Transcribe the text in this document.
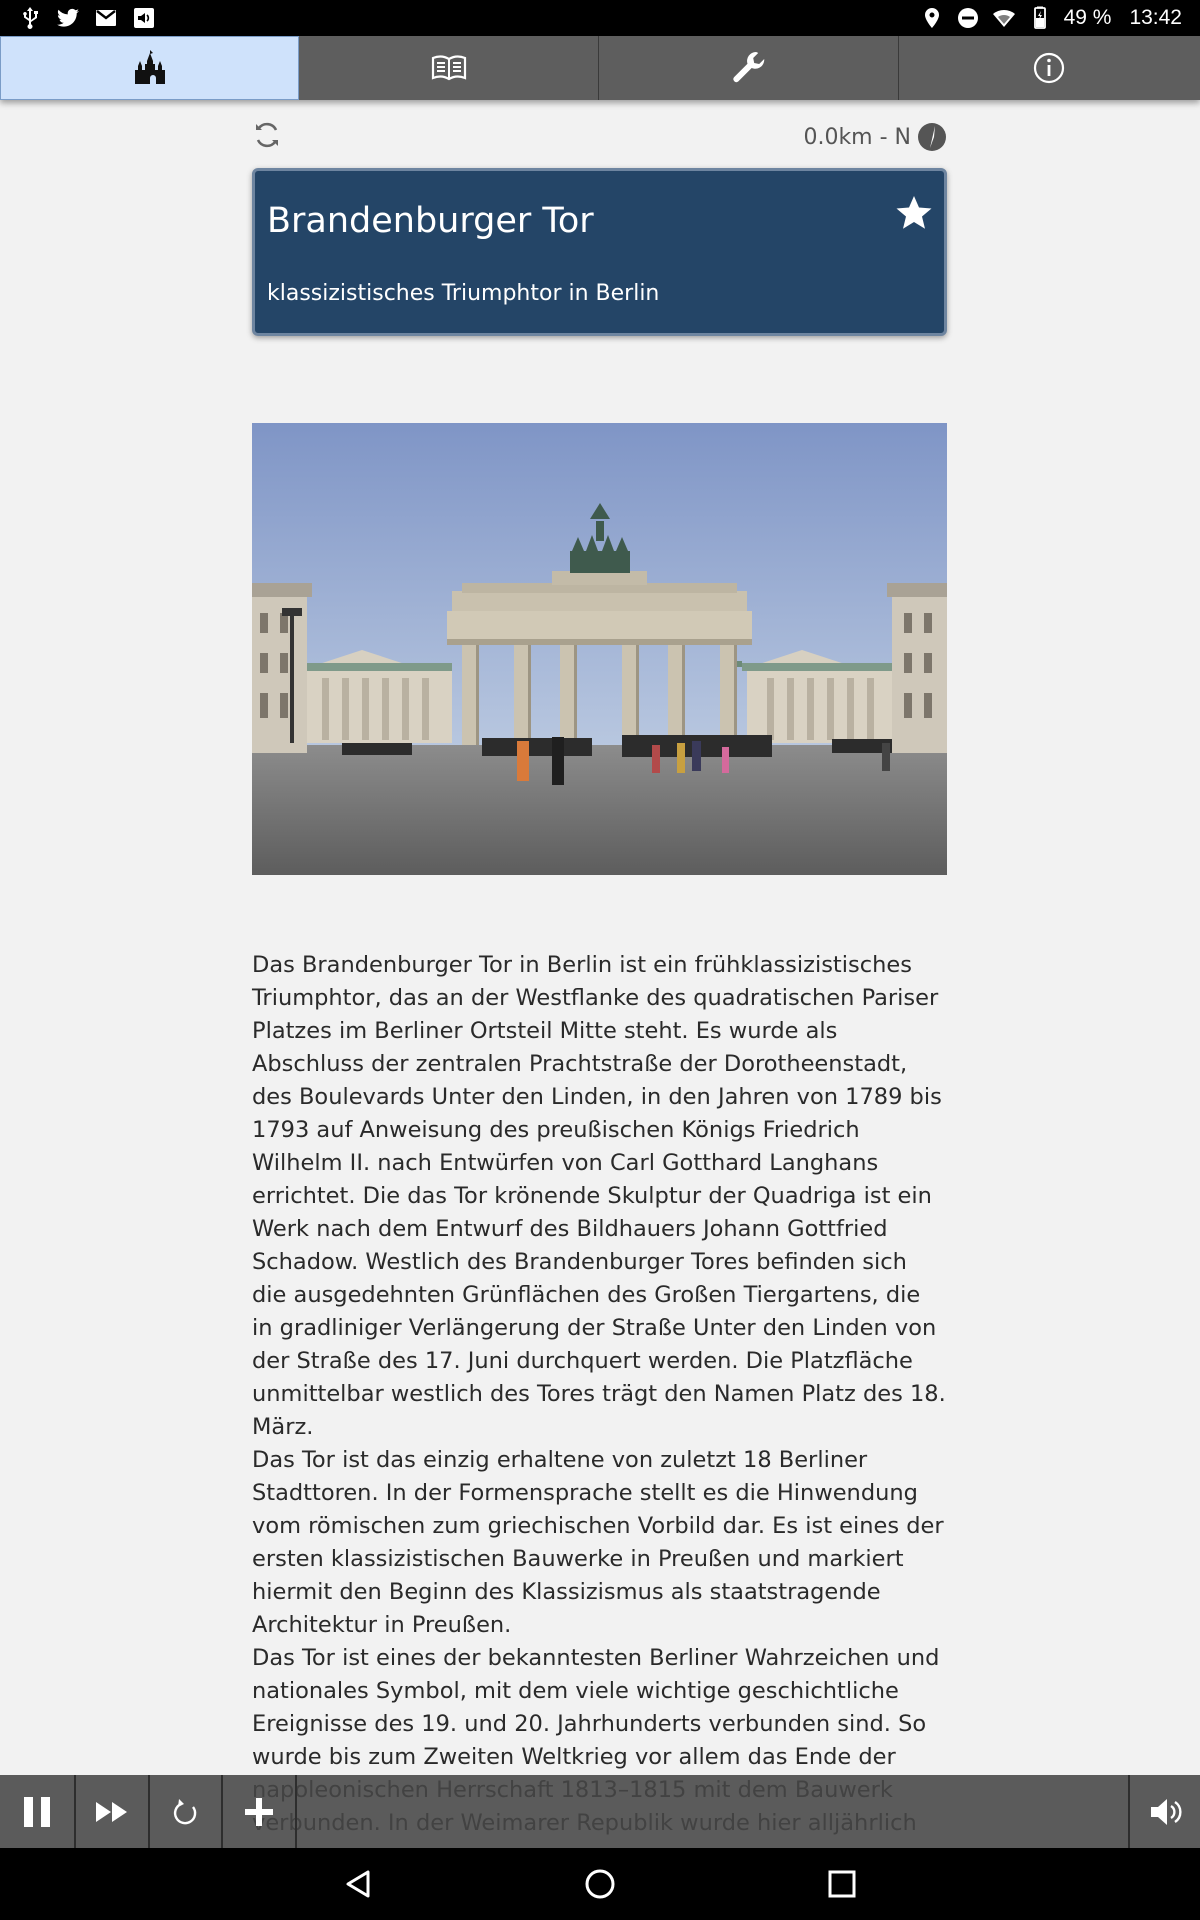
49 % 13:42
0.0km - N
Brandenburger Tor
klassizistisches Triumphtor in Berlin

Das Brandenburger Tor in Berlin ist ein frühklassizistisches Triumphtor, das an der Westflanke des quadratischen Pariser Platzes im Berliner Ortsteil Mitte steht. Es wurde als Abschluss der zentralen Prachtstraße der Dorotheenstadt, des Boulevards Unter den Linden, in den Jahren von 1789 bis 1793 auf Anweisung des preußischen Königs Friedrich Wilhelm II. nach Entwürfen von Carl Gotthard Langhans errichtet. Die das Tor krönende Skulptur der Quadriga ist ein Werk nach dem Entwurf des Bildhauers Johann Gottfried Schadow. Westlich des Brandenburger Tores befinden sich die ausgedehnten Grünflächen des Großen Tiergartens, die in gradliniger Verlängerung der Straße Unter den Linden von der Straße des 17. Juni durchquert werden. Die Platzfläche unmittelbar westlich des Tores trägt den Namen Platz des 18. März.

Das Tor ist das einzig erhaltene von zuletzt 18 Berliner Stadttoren. In der Formensprache stellt es die Hinwendung vom römischen zum griechischen Vorbild dar. Es ist eines der ersten klassizistischen Bauwerke in Preußen und markiert hiermit den Beginn des Klassizismus als staatstragende Architektur in Preußen.

Das Tor ist eines der bekanntesten Berliner Wahrzeichen und nationales Symbol, mit dem viele wichtige geschichtliche Ereignisse des 19. und 20. Jahrhunderts verbunden sind. So wurde bis zum Zweiten Weltkrieg vor allem das Ende der
